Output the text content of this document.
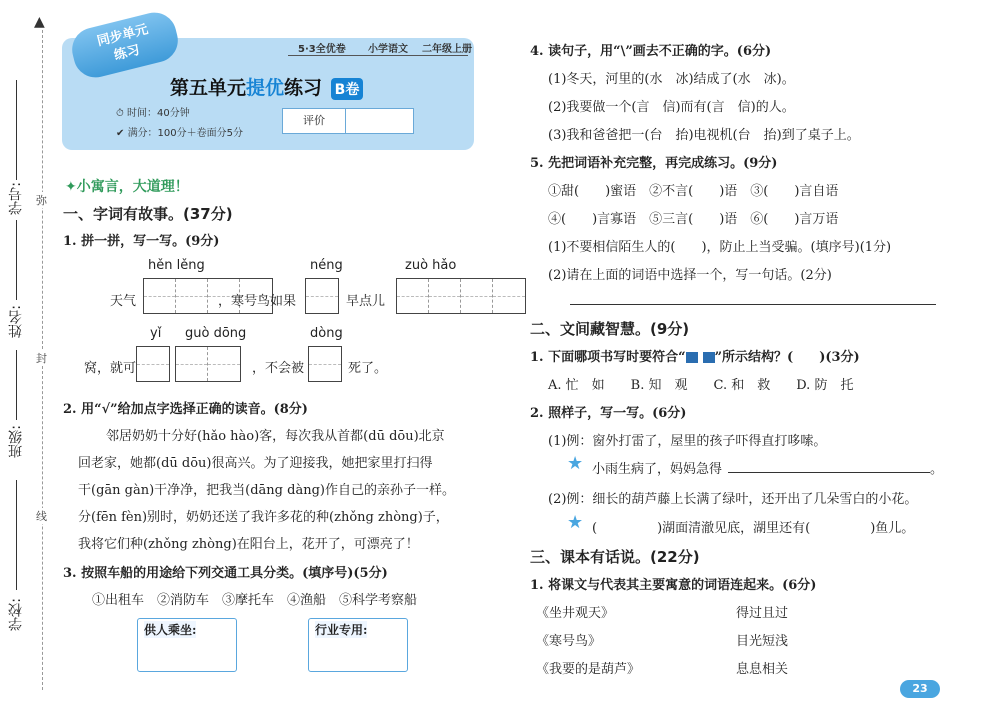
▲
学号:
姓名:
班级:
学校:
弥
封
线
同步单元练习	5·3全优卷 小学语文 二年级上册
第五单元提优练习 B卷
⏱ 时间：40分钟
✔ 满分：100分＋卷面分5分
评价
✦小寓言，大道理！
一、字词有故事。(37分)
1. 拼一拼，写一写。(9分)
hěn lěng	néng	zuò hǎo
天气	，寒号鸟如果	早点儿
yǐ guò dōng	dòng
窝，就可	，不会被	死了。
2. 用“√”给加点字选择正确的读音。(8分)
邻居奶奶十分好(hǎo hào)客，每次我从首都(dū dōu)北京
回老家，她都(dū dōu)很高兴。为了迎接我，她把家里打扫得
干(gān gàn)干净净，把我当(dāng dàng)作自己的亲孙子一样。
分(fēn fèn)别时，奶奶还送了我许多花的种(zhǒng zhòng)子，
我将它们种(zhǒng zhòng)在阳台上，花开了，可漂亮了！
3. 按照车船的用途给下列交通工具分类。(填序号)(5分)
①出租车　②消防车　③摩托车　④渔船　⑤科学考察船
供人乘坐:	行业专用:
4. 读句子，用“\”画去不正确的字。(6分)
(1)冬天，河里的(水　冰)结成了(水　冰)。
(2)我要做一个(言　信)而有(言　信)的人。
(3)我和爸爸把一(台　抬)电视机(台　抬)到了桌子上。
5. 先把词语补充完整，再完成练习。(9分)
①甜(　　)蜜语　②不言(　　)语　③(　　)言自语
④(　　)言寡语　⑤三言(　　)语　⑥(　　)言万语
(1)不要相信陌生人的(　　)，防止上当受骗。(填序号)(1分)
(2)请在上面的词语中选择一个，写一句话。(2分)
二、文间藏智慧。(9分)
1. 下面哪项书写时要符合“ ”所示结构？(　　)(3分)
A. 忙　如　　B. 知　观　　C. 和　救　　D. 防　托
2. 照样子，写一写。(6分)
(1)例：窗外打雷了，屋里的孩子吓得直打哆嗦。
★ 小雨生病了，妈妈急得	。
(2)例：细长的葫芦藤上长满了绿叶，还开出了几朵雪白的小花。
★ (	)湖面清澈见底，湖里还有(	)鱼儿。
三、课本有话说。(22分)
1. 将课文与代表其主要寓意的词语连起来。(6分)
《坐井观天》
《寒号鸟》
《我要的是葫芦》
得过且过
目光短浅
息息相关
23
